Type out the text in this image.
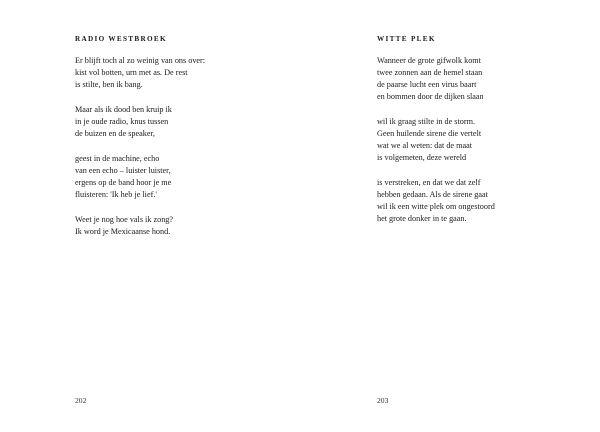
RADIO WESTBROEK

Er blijft toch al zo weinig van ons over:
kist vol botten, urn met as. De rest
is stilte, ben ik bang.

Maar als ik dood ben kruip ik
in je oude radio, knus tussen
de buizen en de speaker,

geest in de machine, echo
van een echo – luister luister,
ergens op de band hoor je me
fluisteren: 'Ik heb je lief.'

Weet je nog hoe vals ik zong?
Ik word je Mexicaanse hond.

202
WITTE PLEK

Wanneer de grote gifwolk komt
twee zonnen aan de hemel staan
de paarse lucht een virus baart
en bommen door de dijken slaan

wil ik graag stilte in de storm.
Geen huilende sirene die vertelt
wat we al weten: dat de maat
is volgemeten, deze wereld

is verstreken, en dat we dat zelf
hebben gedaan. Als de sirene gaat
wil ik een witte plek om ongestoord
het grote donker in te gaan.

203
